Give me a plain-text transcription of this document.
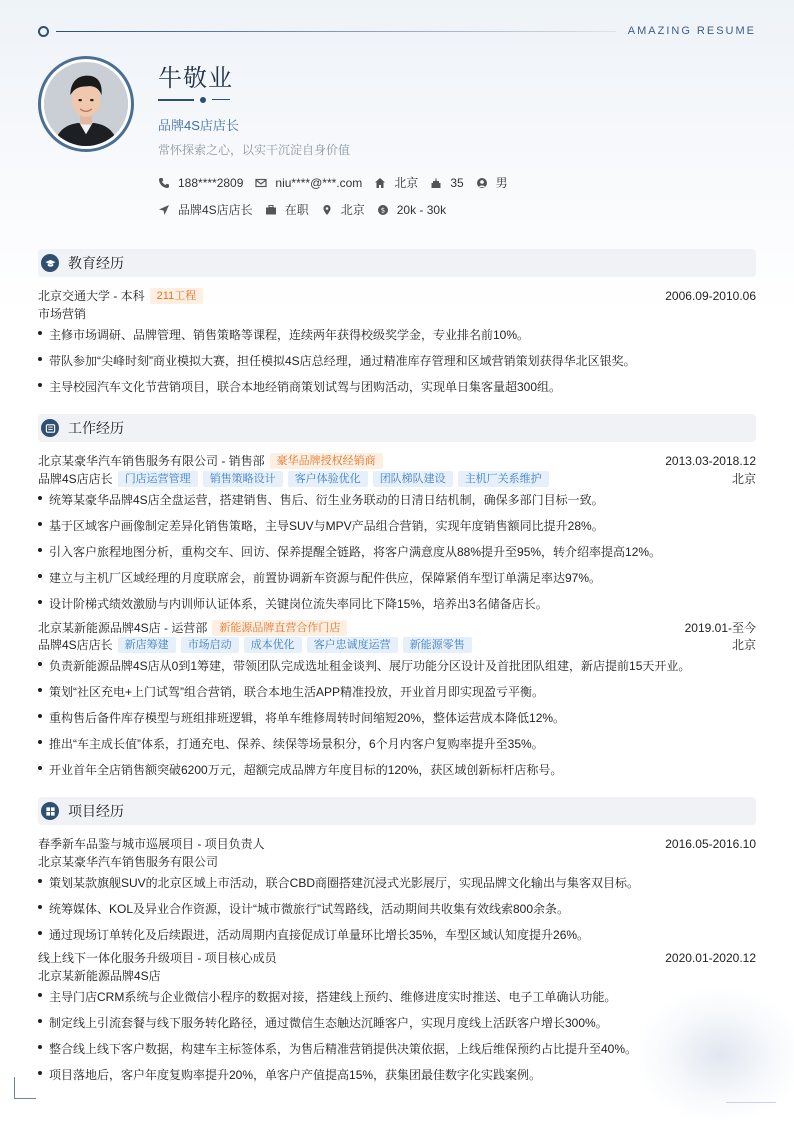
AMAZING RESUME
牛敬业
品牌4S店店长
常怀探索之心，以实干沉淀自身价值
188****2809	niu****@***.com	北京	35	男
品牌4S店店长	在职	北京 $ 20k - 30k
教育经历
北京交通大学 - 本科	211工程	2006.09-2010.06
市场营销
主修市场调研、品牌管理、销售策略等课程，连续两年获得校级奖学金，专业排名前10%。
带队参加“尖峰时刻”商业模拟大赛，担任模拟4S店总经理，通过精准库存管理和区域营销策划获得华北区银奖。
主导校园汽车文化节营销项目，联合本地经销商策划试驾与团购活动，实现单日集客量超300组。
工作经历
北京某豪华汽车销售服务有限公司 - 销售部	豪华品牌授权经销商	2013.03-2018.12
品牌4S店店长	门店运营管理	销售策略设计	客户体验优化	团队梯队建设	主机厂关系维护	北京
统筹某豪华品牌4S店全盘运营，搭建销售、售后、衍生业务联动的日清日结机制，确保多部门目标一致。
基于区域客户画像制定差异化销售策略，主导SUV与MPV产品组合营销，实现年度销售额同比提升28%。
引入客户旅程地图分析，重构交车、回访、保养提醒全链路，将客户满意度从88%提升至95%，转介绍率提高12%。
建立与主机厂区域经理的月度联席会，前置协调新车资源与配件供应，保障紧俏车型订单满足率达97%。
设计阶梯式绩效激励与内训师认证体系，关键岗位流失率同比下降15%，培养出3名储备店长。
北京某新能源品牌4S店 - 运营部	新能源品牌直营合作门店	2019.01-至今
品牌4S店店长	新店筹建	市场启动	成本优化	客户忠诚度运营	新能源零售	北京
负责新能源品牌4S店从0到1筹建，带领团队完成选址租金谈判、展厅功能分区设计及首批团队组建，新店提前15天开业。
策划“社区充电+上门试驾”组合营销，联合本地生活APP精准投放，开业首月即实现盈亏平衡。
重构售后备件库存模型与班组排班逻辑，将单车维修周转时间缩短20%，整体运营成本降低12%。
推出“车主成长值”体系，打通充电、保养、续保等场景积分，6个月内客户复购率提升至35%。
开业首年全店销售额突破6200万元，超额完成品牌方年度目标的120%，获区域创新标杆店称号。
项目经历
春季新车品鉴与城市巡展项目 - 项目负责人	2016.05-2016.10
北京某豪华汽车销售服务有限公司
策划某款旗舰SUV的北京区域上市活动，联合CBD商圈搭建沉浸式光影展厅，实现品牌文化输出与集客双目标。
统筹媒体、KOL及异业合作资源，设计“城市微旅行”试驾路线，活动期间共收集有效线索800余条。
通过现场订单转化及后续跟进，活动周期内直接促成订单量环比增长35%，车型区域认知度提升26%。
线上线下一体化服务升级项目 - 项目核心成员	2020.01-2020.12
北京某新能源品牌4S店
主导门店CRM系统与企业微信小程序的数据对接，搭建线上预约、维修进度实时推送、电子工单确认功能。
制定线上引流套餐与线下服务转化路径，通过微信生态触达沉睡客户，实现月度线上活跃客户增长300%。
整合线上线下客户数据，构建车主标签体系，为售后精准营销提供决策依据，上线后维保预约占比提升至40%。
项目落地后，客户年度复购率提升20%，单客户产值提高15%，获集团最佳数字化实践案例。
